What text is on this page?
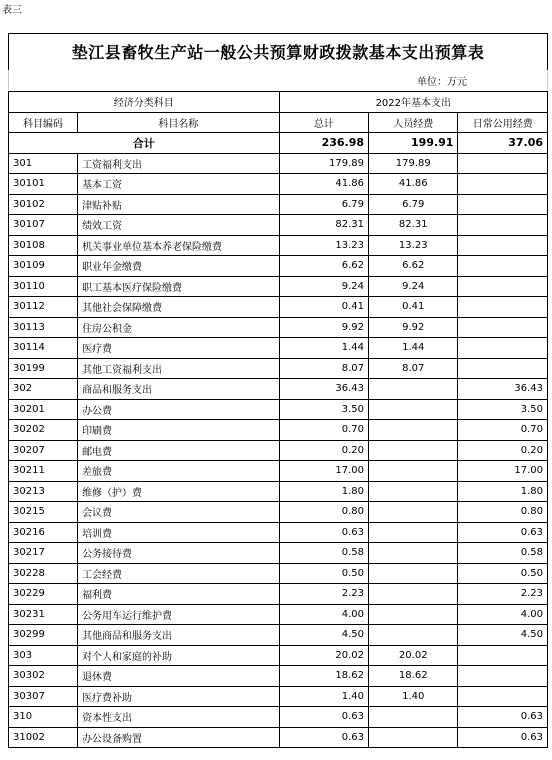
表三
垫江县畜牧生产站一般公共预算财政拨款基本支出预算表
单位：万元
经济分类科目		2022年基本支出		
科目编码	科目名称	总计	人员经费	日常公用经费
合计		236.98	199.91	37.06
301	工资福利支出	179.89	179.89	
30101	基本工资	41.86	41.86	
30102	津贴补贴	6.79	6.79	
30107	绩效工资	82.31	82.31	
30108	机关事业单位基本养老保险缴费	13.23	13.23	
30109	职业年金缴费	6.62	6.62	
30110	职工基本医疗保险缴费	9.24	9.24	
30112	其他社会保障缴费	0.41	0.41	
30113	住房公积金	9.92	9.92	
30114	医疗费	1.44	1.44	
30199	其他工资福利支出	8.07	8.07	
302	商品和服务支出	36.43		36.43
30201	办公费	3.50		3.50
30202	印刷费	0.70		0.70
30207	邮电费	0.20		0.20
30211	差旅费	17.00		17.00
30213	维修（护）费	1.80		1.80
30215	会议费	0.80		0.80
30216	培训费	0.63		0.63
30217	公务接待费	0.58		0.58
30228	工会经费	0.50		0.50
30229	福利费	2.23		2.23
30231	公务用车运行维护费	4.00		4.00
30299	其他商品和服务支出	4.50		4.50
303	对个人和家庭的补助	20.02	20.02	
30302	退休费	18.62	18.62	
30307	医疗费补助	1.40	1.40	
310	资本性支出	0.63		0.63
31002	办公设备购置	0.63		0.63
